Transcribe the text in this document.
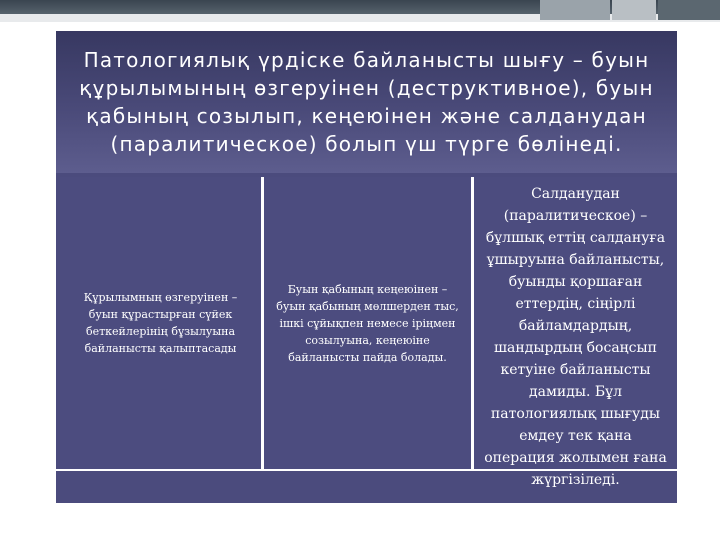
Патологиялық үрдіске байланысты шығу – буын құрылымының өзгеруінен (деструктивное), буын қабының созылып, кеңеюінен және салданудан (паралитическое) болып үш түрге бөлінеді.
Құрылымның өзгеруінен – буын құрастырған сүйек беткейлерінің бұзылуына байланысты қалыптасады
Буын қабының кеңеюінен – буын қабының мөлшерден тыс, ішкі сұйықпен немесе іріңмен созылуына, кеңеюіне байланысты пайда болады.
Салданудан (паралитическое) – бұлшық еттің салдануға ұшыруына байланысты, буынды қоршаған еттердің, сіңірлі байламдардың, шандырдың босаңсып кетуіне байланысты дамиды. Бұл патологиялық шығуды емдеу тек қана операция жолымен ғана жүргізіледі.
